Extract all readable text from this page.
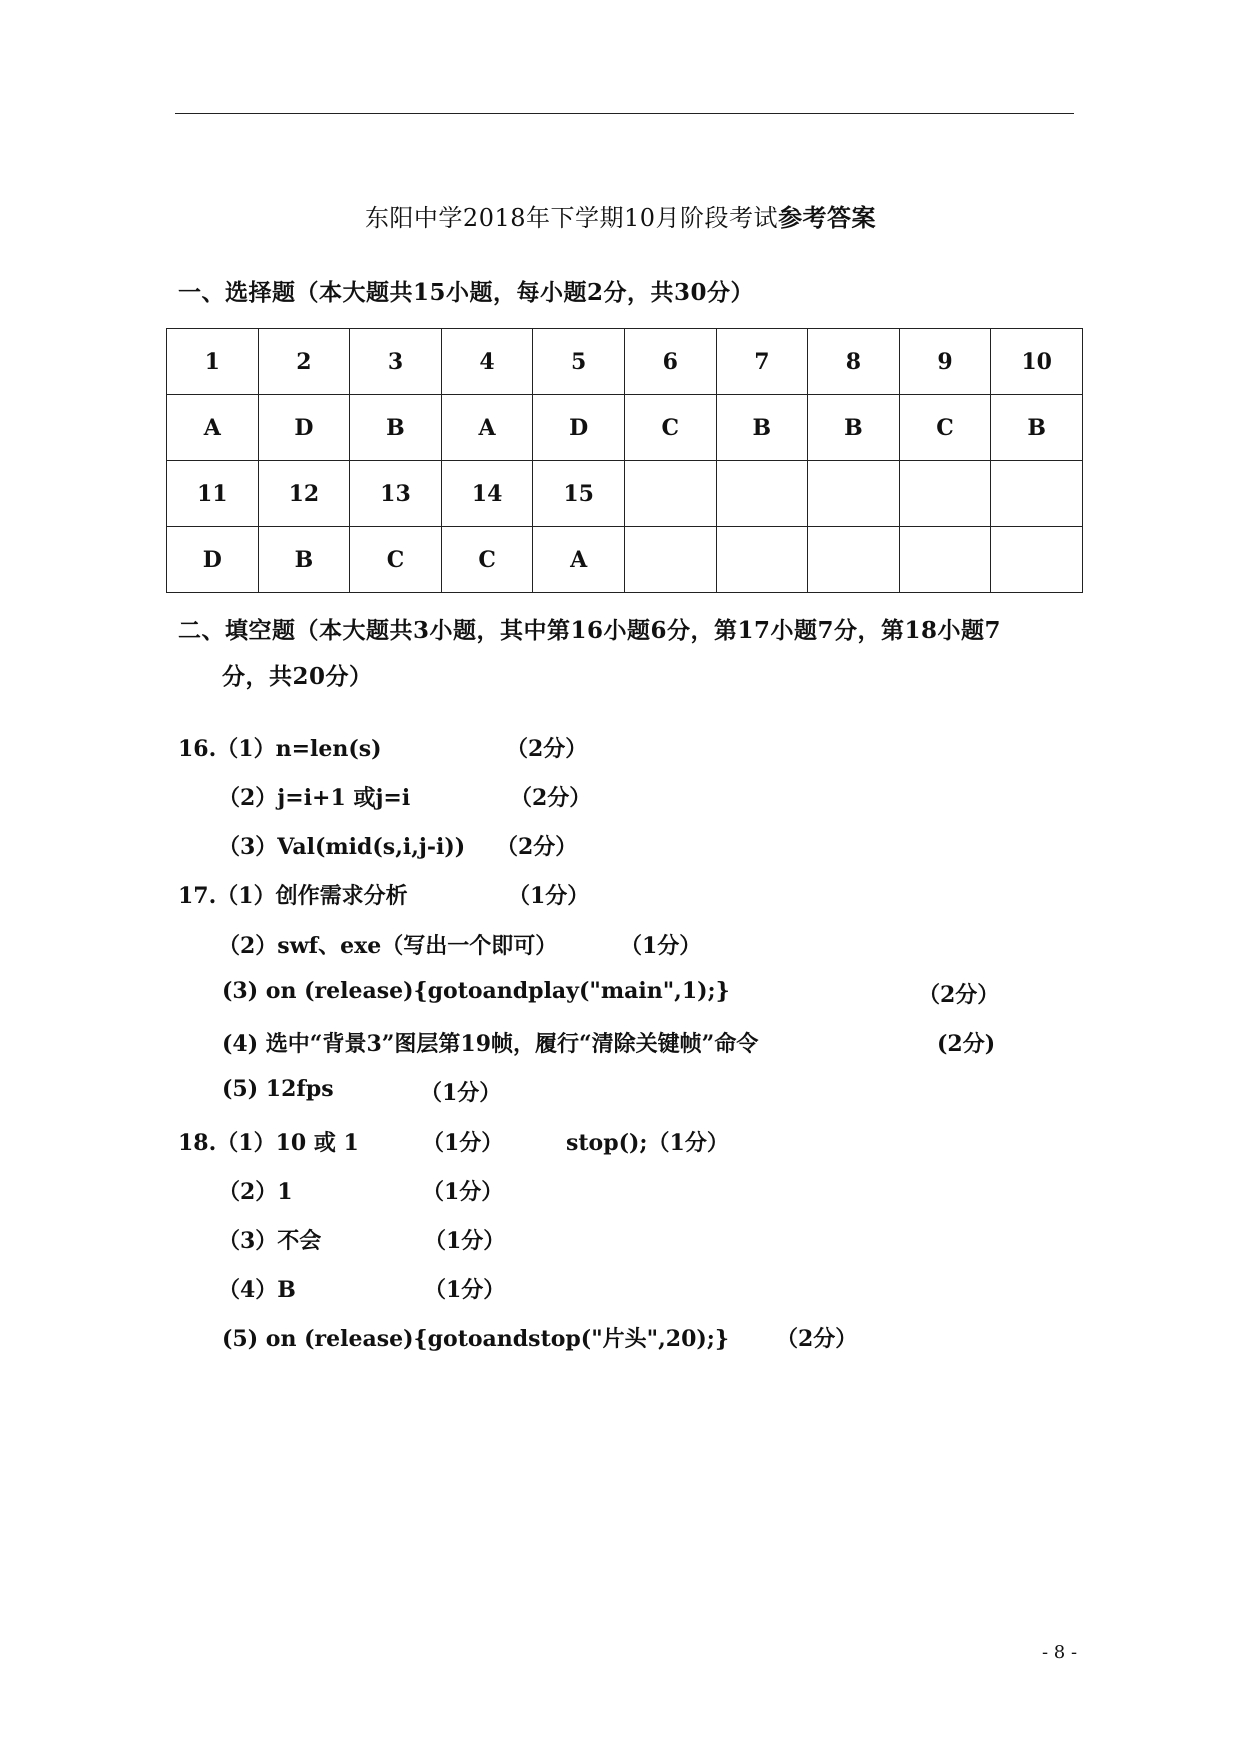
东阳中学2018年下学期10月阶段考试参考答案
一、选择题（本大题共15小题，每小题2分，共30分）
1	2	3	4	5	6	7	8	9	10
A	D	B	A	D	C	B	B	C	B
11	12	13	14	15					
D	B	C	C	A					
二、填空题（本大题共3小题，其中第16小题6分，第17小题7分，第18小题7
分，共20分）
16.（1）n=len(s)	（2分）
（2）j=i+1 或j=i	（2分）
（3）Val(mid(s,i,j-i)) （2分）
17.（1）创作需求分析	（1分）
（2）swf、exe（写出一个即可）	（1分）
(3) on (release){gotoandplay("main",1);}	（2分）
(4) 选中“背景3”图层第19帧，履行“清除关键帧”命令	(2分)
(5) 12fps	（1分）
18.（1）10 或 1	（1分）	stop();（1分）
（2）1	（1分）
（3）不会	（1分）
（4）B	（1分）
(5) on (release){gotoandstop("片头",20);} （2分）
- 8 -
